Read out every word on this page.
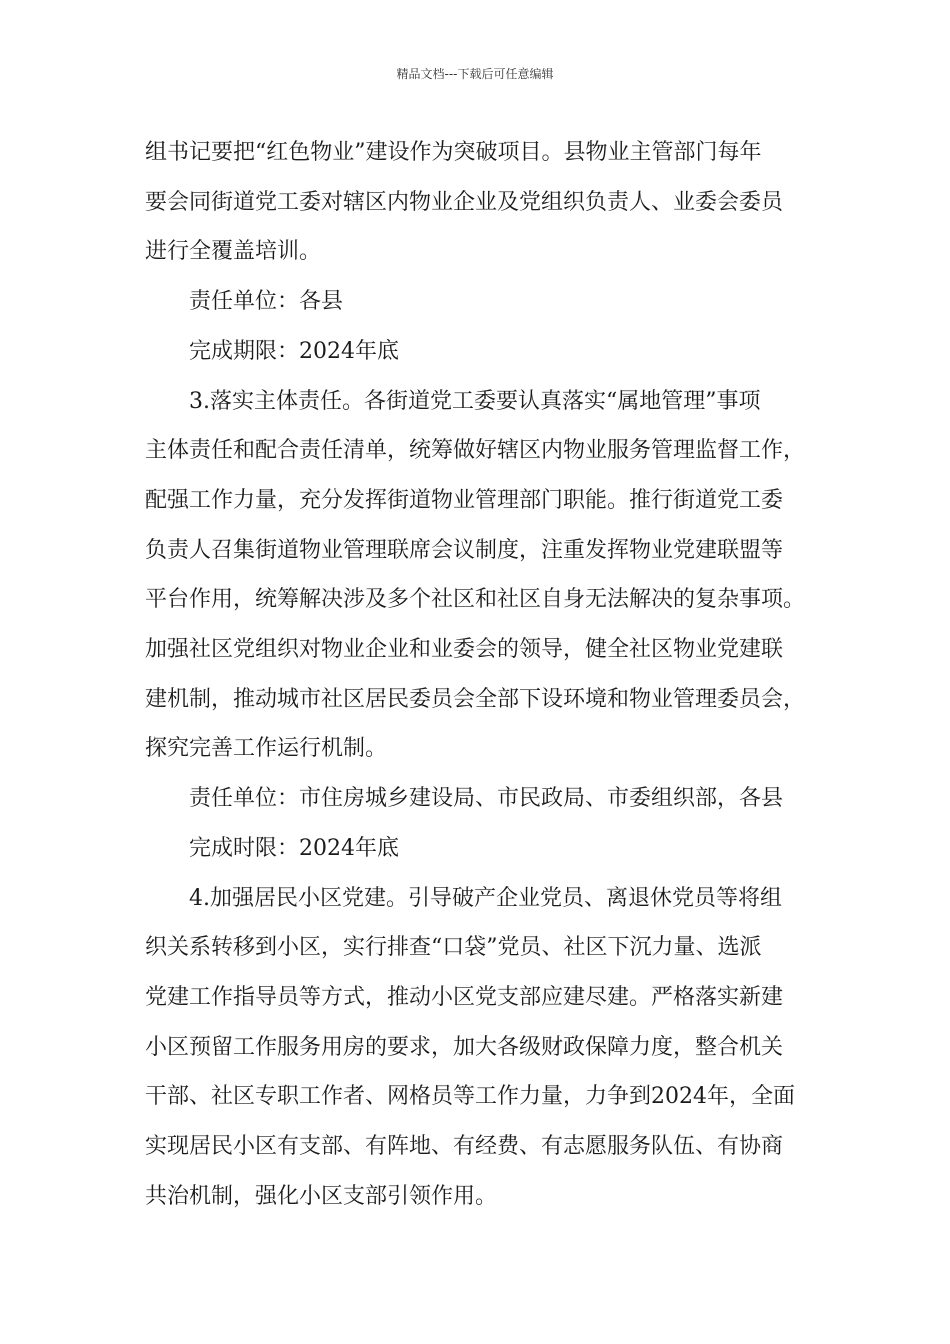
精品文档---下载后可任意编辑

组书记要把“红色物业”建设作为突破项目。县物业主管部门每年

要会同街道党工委对辖区内物业企业及党组织负责人、业委会委员

进行全覆盖培训。

责任单位：各县

完成期限：2024年底

3.落实主体责任。各街道党工委要认真落实“属地管理”事项

主体责任和配合责任清单，统筹做好辖区内物业服务管理监督工作，

配强工作力量，充分发挥街道物业管理部门职能。推行街道党工委

负责人召集街道物业管理联席会议制度，注重发挥物业党建联盟等

平台作用，统筹解决涉及多个社区和社区自身无法解决的复杂事项。

加强社区党组织对物业企业和业委会的领导，健全社区物业党建联

建机制，推动城市社区居民委员会全部下设环境和物业管理委员会，

探究完善工作运行机制。

责任单位：市住房城乡建设局、市民政局、市委组织部，各县

完成时限：2024年底

4.加强居民小区党建。引导破产企业党员、离退休党员等将组

织关系转移到小区，实行排查“口袋”党员、社区下沉力量、选派

党建工作指导员等方式，推动小区党支部应建尽建。严格落实新建

小区预留工作服务用房的要求，加大各级财政保障力度，整合机关

干部、社区专职工作者、网格员等工作力量，力争到2024年，全面

实现居民小区有支部、有阵地、有经费、有志愿服务队伍、有协商

共治机制，强化小区支部引领作用。
